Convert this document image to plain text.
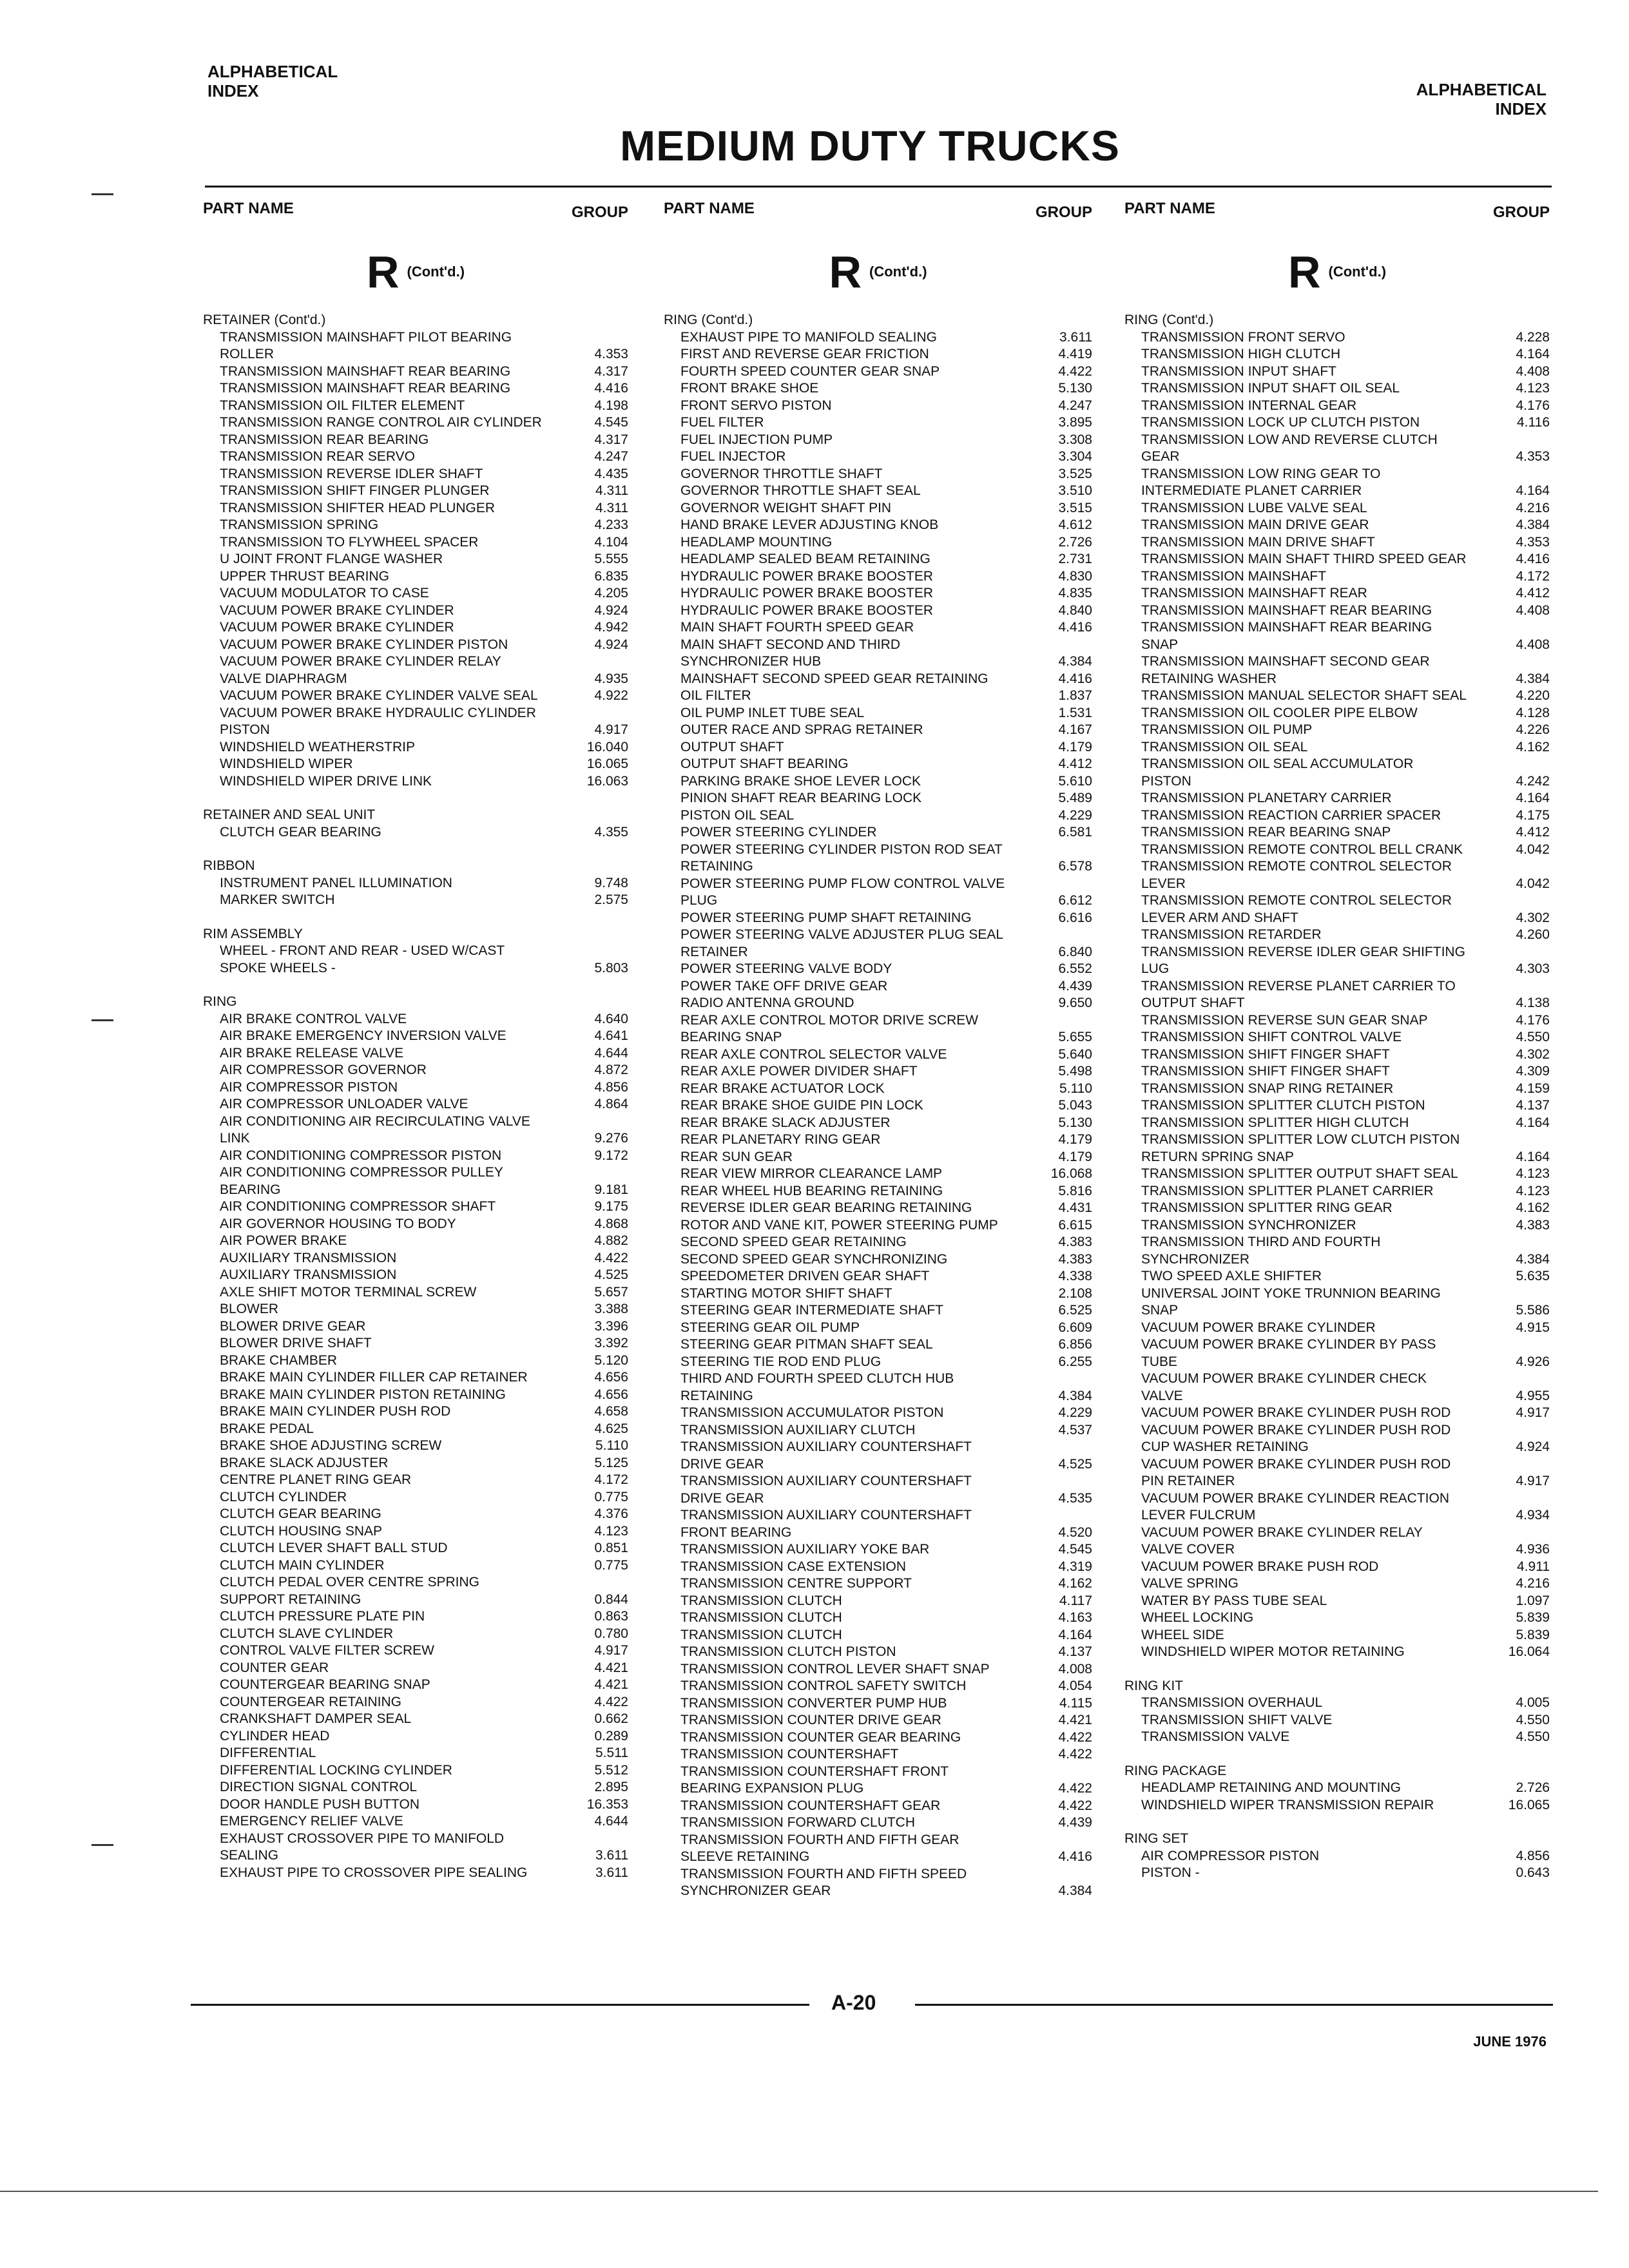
ALPHABETICAL
INDEX	ALPHABETICAL
INDEX
MEDIUM DUTY TRUCKS
PART NAME	GROUP
R (Cont'd.)
RETAINER (Cont'd.)
TRANSMISSION MAINSHAFT PILOT BEARING
ROLLER	4.353
TRANSMISSION MAINSHAFT REAR BEARING	4.317
TRANSMISSION MAINSHAFT REAR BEARING	4.416
TRANSMISSION OIL FILTER ELEMENT	4.198
TRANSMISSION RANGE CONTROL AIR CYLINDER	4.545
TRANSMISSION REAR BEARING	4.317
TRANSMISSION REAR SERVO	4.247
TRANSMISSION REVERSE IDLER SHAFT	4.435
TRANSMISSION SHIFT FINGER PLUNGER	4.311
TRANSMISSION SHIFTER HEAD PLUNGER	4.311
TRANSMISSION SPRING	4.233
TRANSMISSION TO FLYWHEEL SPACER	4.104
U JOINT FRONT FLANGE WASHER	5.555
UPPER THRUST BEARING	6.835
VACUUM MODULATOR TO CASE	4.205
VACUUM POWER BRAKE CYLINDER	4.924
VACUUM POWER BRAKE CYLINDER	4.942
VACUUM POWER BRAKE CYLINDER PISTON	4.924
VACUUM POWER BRAKE CYLINDER RELAY
VALVE DIAPHRAGM	4.935
VACUUM POWER BRAKE CYLINDER VALVE SEAL	4.922
VACUUM POWER BRAKE HYDRAULIC CYLINDER
PISTON	4.917
WINDSHIELD WEATHERSTRIP	16.040
WINDSHIELD WIPER	16.065
WINDSHIELD WIPER DRIVE LINK	16.063
RETAINER AND SEAL UNIT
CLUTCH GEAR BEARING	4.355
RIBBON
INSTRUMENT PANEL ILLUMINATION	9.748
MARKER SWITCH	2.575
RIM ASSEMBLY
WHEEL - FRONT AND REAR - USED W/CAST
SPOKE WHEELS -	5.803
RING
AIR BRAKE CONTROL VALVE	4.640
AIR BRAKE EMERGENCY INVERSION VALVE	4.641
AIR BRAKE RELEASE VALVE	4.644
AIR COMPRESSOR GOVERNOR	4.872
AIR COMPRESSOR PISTON	4.856
AIR COMPRESSOR UNLOADER VALVE	4.864
AIR CONDITIONING AIR RECIRCULATING VALVE
LINK	9.276
AIR CONDITIONING COMPRESSOR PISTON	9.172
AIR CONDITIONING COMPRESSOR PULLEY
BEARING	9.181
AIR CONDITIONING COMPRESSOR SHAFT	9.175
AIR GOVERNOR HOUSING TO BODY	4.868
AIR POWER BRAKE	4.882
AUXILIARY TRANSMISSION	4.422
AUXILIARY TRANSMISSION	4.525
AXLE SHIFT MOTOR TERMINAL SCREW	5.657
BLOWER	3.388
BLOWER DRIVE GEAR	3.396
BLOWER DRIVE SHAFT	3.392
BRAKE CHAMBER	5.120
BRAKE MAIN CYLINDER FILLER CAP RETAINER	4.656
BRAKE MAIN CYLINDER PISTON RETAINING	4.656
BRAKE MAIN CYLINDER PUSH ROD	4.658
BRAKE PEDAL	4.625
BRAKE SHOE ADJUSTING SCREW	5.110
BRAKE SLACK ADJUSTER	5.125
CENTRE PLANET RING GEAR	4.172
CLUTCH CYLINDER	0.775
CLUTCH GEAR BEARING	4.376
CLUTCH HOUSING SNAP	4.123
CLUTCH LEVER SHAFT BALL STUD	0.851
CLUTCH MAIN CYLINDER	0.775
CLUTCH PEDAL OVER CENTRE SPRING
SUPPORT RETAINING	0.844
CLUTCH PRESSURE PLATE PIN	0.863
CLUTCH SLAVE CYLINDER	0.780
CONTROL VALVE FILTER SCREW	4.917
COUNTER GEAR	4.421
COUNTERGEAR BEARING SNAP	4.421
COUNTERGEAR RETAINING	4.422
CRANKSHAFT DAMPER SEAL	0.662
CYLINDER HEAD	0.289
DIFFERENTIAL	5.511
DIFFERENTIAL LOCKING CYLINDER	5.512
DIRECTION SIGNAL CONTROL	2.895
DOOR HANDLE PUSH BUTTON	16.353
EMERGENCY RELIEF VALVE	4.644
EXHAUST CROSSOVER PIPE TO MANIFOLD
SEALING	3.611
EXHAUST PIPE TO CROSSOVER PIPE SEALING	3.611
PART NAME	GROUP
R (Cont'd.)
RING (Cont'd.)
EXHAUST PIPE TO MANIFOLD SEALING	3.611
FIRST AND REVERSE GEAR FRICTION	4.419
FOURTH SPEED COUNTER GEAR SNAP	4.422
FRONT BRAKE SHOE	5.130
FRONT SERVO PISTON	4.247
FUEL FILTER	3.895
FUEL INJECTION PUMP	3.308
FUEL INJECTOR	3.304
GOVERNOR THROTTLE SHAFT	3.525
GOVERNOR THROTTLE SHAFT SEAL	3.510
GOVERNOR WEIGHT SHAFT PIN	3.515
HAND BRAKE LEVER ADJUSTING KNOB	4.612
HEADLAMP MOUNTING	2.726
HEADLAMP SEALED BEAM RETAINING	2.731
HYDRAULIC POWER BRAKE BOOSTER	4.830
HYDRAULIC POWER BRAKE BOOSTER	4.835
HYDRAULIC POWER BRAKE BOOSTER	4.840
MAIN SHAFT FOURTH SPEED GEAR	4.416
MAIN SHAFT SECOND AND THIRD
SYNCHRONIZER HUB	4.384
MAINSHAFT SECOND SPEED GEAR RETAINING	4.416
OIL FILTER	1.837
OIL PUMP INLET TUBE SEAL	1.531
OUTER RACE AND SPRAG RETAINER	4.167
OUTPUT SHAFT	4.179
OUTPUT SHAFT BEARING	4.412
PARKING BRAKE SHOE LEVER LOCK	5.610
PINION SHAFT REAR BEARING LOCK	5.489
PISTON OIL SEAL	4.229
POWER STEERING CYLINDER	6.581
POWER STEERING CYLINDER PISTON ROD SEAT
RETAINING	6.578
POWER STEERING PUMP FLOW CONTROL VALVE
PLUG	6.612
POWER STEERING PUMP SHAFT RETAINING	6.616
POWER STEERING VALVE ADJUSTER PLUG SEAL
RETAINER	6.840
POWER STEERING VALVE BODY	6.552
POWER TAKE OFF DRIVE GEAR	4.439
RADIO ANTENNA GROUND	9.650
REAR AXLE CONTROL MOTOR DRIVE SCREW
BEARING SNAP	5.655
REAR AXLE CONTROL SELECTOR VALVE	5.640
REAR AXLE POWER DIVIDER SHAFT	5.498
REAR BRAKE ACTUATOR LOCK	5.110
REAR BRAKE SHOE GUIDE PIN LOCK	5.043
REAR BRAKE SLACK ADJUSTER	5.130
REAR PLANETARY RING GEAR	4.179
REAR SUN GEAR	4.179
REAR VIEW MIRROR CLEARANCE LAMP	16.068
REAR WHEEL HUB BEARING RETAINING	5.816
REVERSE IDLER GEAR BEARING RETAINING	4.431
ROTOR AND VANE KIT, POWER STEERING PUMP	6.615
SECOND SPEED GEAR RETAINING	4.383
SECOND SPEED GEAR SYNCHRONIZING	4.383
SPEEDOMETER DRIVEN GEAR SHAFT	4.338
STARTING MOTOR SHIFT SHAFT	2.108
STEERING GEAR INTERMEDIATE SHAFT	6.525
STEERING GEAR OIL PUMP	6.609
STEERING GEAR PITMAN SHAFT SEAL	6.856
STEERING TIE ROD END PLUG	6.255
THIRD AND FOURTH SPEED CLUTCH HUB
RETAINING	4.384
TRANSMISSION ACCUMULATOR PISTON	4.229
TRANSMISSION AUXILIARY CLUTCH	4.537
TRANSMISSION AUXILIARY COUNTERSHAFT
DRIVE GEAR	4.525
TRANSMISSION AUXILIARY COUNTERSHAFT
DRIVE GEAR	4.535
TRANSMISSION AUXILIARY COUNTERSHAFT
FRONT BEARING	4.520
TRANSMISSION AUXILIARY YOKE BAR	4.545
TRANSMISSION CASE EXTENSION	4.319
TRANSMISSION CENTRE SUPPORT	4.162
TRANSMISSION CLUTCH	4.117
TRANSMISSION CLUTCH	4.163
TRANSMISSION CLUTCH	4.164
TRANSMISSION CLUTCH PISTON	4.137
TRANSMISSION CONTROL LEVER SHAFT SNAP	4.008
TRANSMISSION CONTROL SAFETY SWITCH	4.054
TRANSMISSION CONVERTER PUMP HUB	4.115
TRANSMISSION COUNTER DRIVE GEAR	4.421
TRANSMISSION COUNTER GEAR BEARING	4.422
TRANSMISSION COUNTERSHAFT	4.422
TRANSMISSION COUNTERSHAFT FRONT
BEARING EXPANSION PLUG	4.422
TRANSMISSION COUNTERSHAFT GEAR	4.422
TRANSMISSION FORWARD CLUTCH	4.439
TRANSMISSION FOURTH AND FIFTH GEAR
SLEEVE RETAINING	4.416
TRANSMISSION FOURTH AND FIFTH SPEED
SYNCHRONIZER GEAR	4.384
PART NAME	GROUP
R (Cont'd.)
RING (Cont'd.)
TRANSMISSION FRONT SERVO	4.228
TRANSMISSION HIGH CLUTCH	4.164
TRANSMISSION INPUT SHAFT	4.408
TRANSMISSION INPUT SHAFT OIL SEAL	4.123
TRANSMISSION INTERNAL GEAR	4.176
TRANSMISSION LOCK UP CLUTCH PISTON	4.116
TRANSMISSION LOW AND REVERSE CLUTCH
GEAR	4.353
TRANSMISSION LOW RING GEAR TO
INTERMEDIATE PLANET CARRIER	4.164
TRANSMISSION LUBE VALVE SEAL	4.216
TRANSMISSION MAIN DRIVE GEAR	4.384
TRANSMISSION MAIN DRIVE SHAFT	4.353
TRANSMISSION MAIN SHAFT THIRD SPEED GEAR	4.416
TRANSMISSION MAINSHAFT	4.172
TRANSMISSION MAINSHAFT REAR	4.412
TRANSMISSION MAINSHAFT REAR BEARING	4.408
TRANSMISSION MAINSHAFT REAR BEARING
SNAP	4.408
TRANSMISSION MAINSHAFT SECOND GEAR
RETAINING WASHER	4.384
TRANSMISSION MANUAL SELECTOR SHAFT SEAL	4.220
TRANSMISSION OIL COOLER PIPE ELBOW	4.128
TRANSMISSION OIL PUMP	4.226
TRANSMISSION OIL SEAL	4.162
TRANSMISSION OIL SEAL ACCUMULATOR
PISTON	4.242
TRANSMISSION PLANETARY CARRIER	4.164
TRANSMISSION REACTION CARRIER SPACER	4.175
TRANSMISSION REAR BEARING SNAP	4.412
TRANSMISSION REMOTE CONTROL BELL CRANK	4.042
TRANSMISSION REMOTE CONTROL SELECTOR
LEVER	4.042
TRANSMISSION REMOTE CONTROL SELECTOR
LEVER ARM AND SHAFT	4.302
TRANSMISSION RETARDER	4.260
TRANSMISSION REVERSE IDLER GEAR SHIFTING
LUG	4.303
TRANSMISSION REVERSE PLANET CARRIER TO
OUTPUT SHAFT	4.138
TRANSMISSION REVERSE SUN GEAR SNAP	4.176
TRANSMISSION SHIFT CONTROL VALVE	4.550
TRANSMISSION SHIFT FINGER SHAFT	4.302
TRANSMISSION SHIFT FINGER SHAFT	4.309
TRANSMISSION SNAP RING RETAINER	4.159
TRANSMISSION SPLITTER CLUTCH PISTON	4.137
TRANSMISSION SPLITTER HIGH CLUTCH	4.164
TRANSMISSION SPLITTER LOW CLUTCH PISTON
RETURN SPRING SNAP	4.164
TRANSMISSION SPLITTER OUTPUT SHAFT SEAL	4.123
TRANSMISSION SPLITTER PLANET CARRIER	4.123
TRANSMISSION SPLITTER RING GEAR	4.162
TRANSMISSION SYNCHRONIZER	4.383
TRANSMISSION THIRD AND FOURTH
SYNCHRONIZER	4.384
TWO SPEED AXLE SHIFTER	5.635
UNIVERSAL JOINT YOKE TRUNNION BEARING
SNAP	5.586
VACUUM POWER BRAKE CYLINDER	4.915
VACUUM POWER BRAKE CYLINDER BY PASS
TUBE	4.926
VACUUM POWER BRAKE CYLINDER CHECK
VALVE	4.955
VACUUM POWER BRAKE CYLINDER PUSH ROD	4.917
VACUUM POWER BRAKE CYLINDER PUSH ROD
CUP WASHER RETAINING	4.924
VACUUM POWER BRAKE CYLINDER PUSH ROD
PIN RETAINER	4.917
VACUUM POWER BRAKE CYLINDER REACTION
LEVER FULCRUM	4.934
VACUUM POWER BRAKE CYLINDER RELAY
VALVE COVER	4.936
VACUUM POWER BRAKE PUSH ROD	4.911
VALVE SPRING	4.216
WATER BY PASS TUBE SEAL	1.097
WHEEL LOCKING	5.839
WHEEL SIDE	5.839
WINDSHIELD WIPER MOTOR RETAINING	16.064
RING KIT
TRANSMISSION OVERHAUL	4.005
TRANSMISSION SHIFT VALVE	4.550
TRANSMISSION VALVE	4.550
RING PACKAGE
HEADLAMP RETAINING AND MOUNTING	2.726
WINDSHIELD WIPER TRANSMISSION REPAIR	16.065
RING SET
AIR COMPRESSOR PISTON	4.856
PISTON -	0.643
A-20
JUNE 1976
